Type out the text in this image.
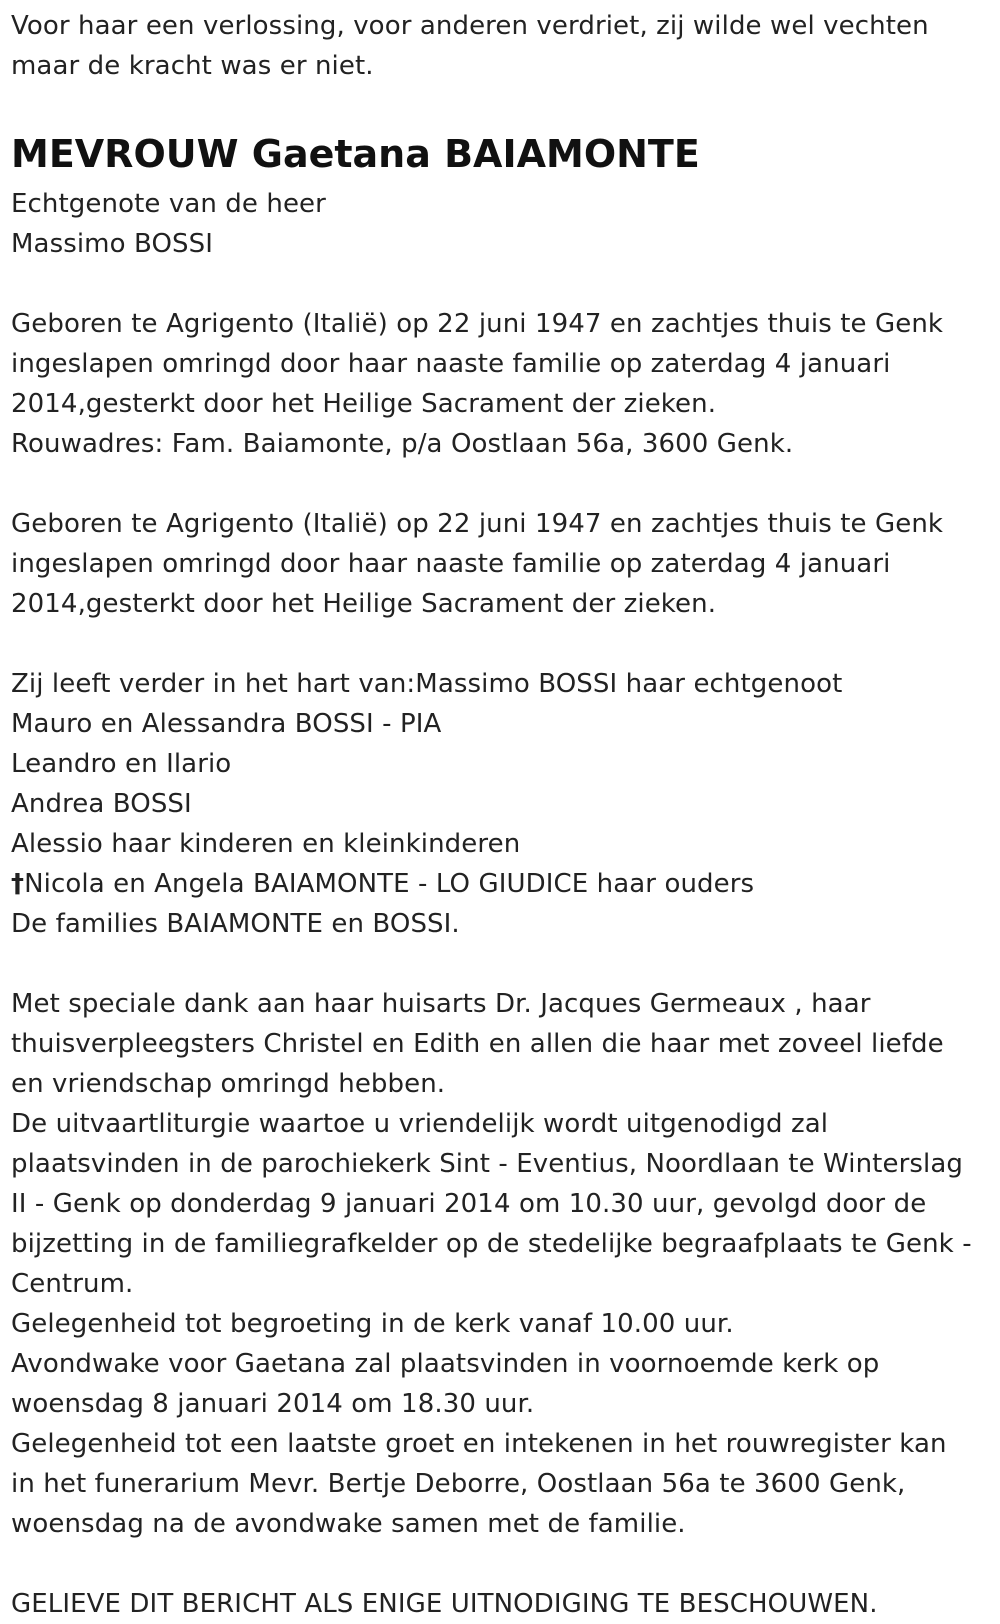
Voor haar een verlossing, voor anderen verdriet, zij wilde wel vechten
maar de kracht was er niet.
MEVROUW Gaetana BAIAMONTE
Echtgenote van de heer
Massimo BOSSI
Geboren te Agrigento (Italië) op 22 juni 1947 en zachtjes thuis te Genk
ingeslapen omringd door haar naaste familie op zaterdag 4 januari
2014,gesterkt door het Heilige Sacrament der zieken.
Rouwadres: Fam. Baiamonte, p/a Oostlaan 56a, 3600 Genk.
Geboren te Agrigento (Italië) op 22 juni 1947 en zachtjes thuis te Genk
ingeslapen omringd door haar naaste familie op zaterdag 4 januari
2014,gesterkt door het Heilige Sacrament der zieken.
Zij leeft verder in het hart van:Massimo BOSSI haar echtgenoot
Mauro en Alessandra BOSSI - PIA
Leandro en Ilario
Andrea BOSSI
Alessio haar kinderen en kleinkinderen
†Nicola en Angela BAIAMONTE - LO GIUDICE haar ouders
De families BAIAMONTE en BOSSI.
Met speciale dank aan haar huisarts Dr. Jacques Germeaux , haar
thuisverpleegsters Christel en Edith en allen die haar met zoveel liefde
en vriendschap omringd hebben.
De uitvaartliturgie waartoe u vriendelijk wordt uitgenodigd zal
plaatsvinden in de parochiekerk Sint - Eventius, Noordlaan te Winterslag
II - Genk op donderdag 9 januari 2014 om 10.30 uur, gevolgd door de
bijzetting in de familiegrafkelder op de stedelijke begraafplaats te Genk -
Centrum.
Gelegenheid tot begroeting in de kerk vanaf 10.00 uur.
Avondwake voor Gaetana zal plaatsvinden in voornoemde kerk op
woensdag 8 januari 2014 om 18.30 uur.
Gelegenheid tot een laatste groet en intekenen in het rouwregister kan
in het funerarium Mevr. Bertje Deborre, Oostlaan 56a te 3600 Genk,
woensdag na de avondwake samen met de familie.
GELIEVE DIT BERICHT ALS ENIGE UITNODIGING TE BESCHOUWEN.
